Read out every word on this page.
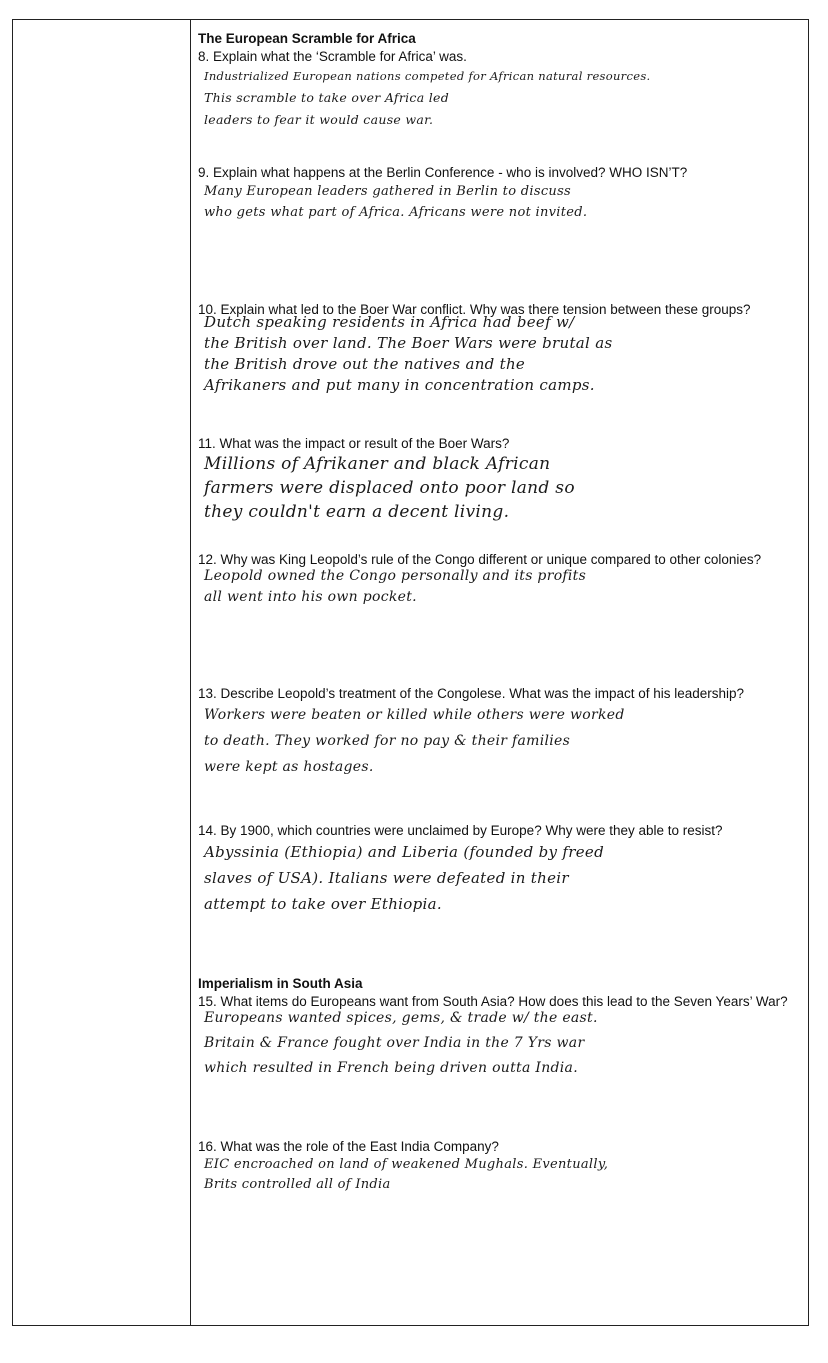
The European Scramble for Africa
8. Explain what the ‘Scramble for Africa’ was.
Industrialized European nations competed for African natural resources.
This scramble to take over Africa led
leaders to fear it would cause war.
9. Explain what happens at the Berlin Conference - who is involved? WHO ISN’T?
Many European leaders gathered in Berlin to discuss
who gets what part of Africa. Africans were not invited.
10. Explain what led to the Boer War conflict. Why was there tension between these groups?
Dutch speaking residents in Africa had beef w/
the British over land. The Boer Wars were brutal as
the British drove out the natives and the
Afrikaners and put many in concentration camps.
11. What was the impact or result of the Boer Wars?
Millions of Afrikaner and black African
farmers were displaced onto poor land so
they couldn't earn a decent living.
12. Why was King Leopold’s rule of the Congo different or unique compared to other colonies?
Leopold owned the Congo personally and its profits
all went into his own pocket.
13. Describe Leopold’s treatment of the Congolese. What was the impact of his leadership?
Workers were beaten or killed while others were worked
to death. They worked for no pay & their families
were kept as hostages.
14. By 1900, which countries were unclaimed by Europe? Why were they able to resist?
Abyssinia (Ethiopia) and Liberia (founded by freed
slaves of USA). Italians were defeated in their
attempt to take over Ethiopia.
Imperialism in South Asia
15. What items do Europeans want from South Asia? How does this lead to the Seven Years’ War?
Europeans wanted spices, gems, & trade w/ the east.
Britain & France fought over India in the 7 Yrs war
which resulted in French being driven outta India.
16. What was the role of the East India Company?
EIC encroached on land of weakened Mughals. Eventually,
Brits controlled all of India
